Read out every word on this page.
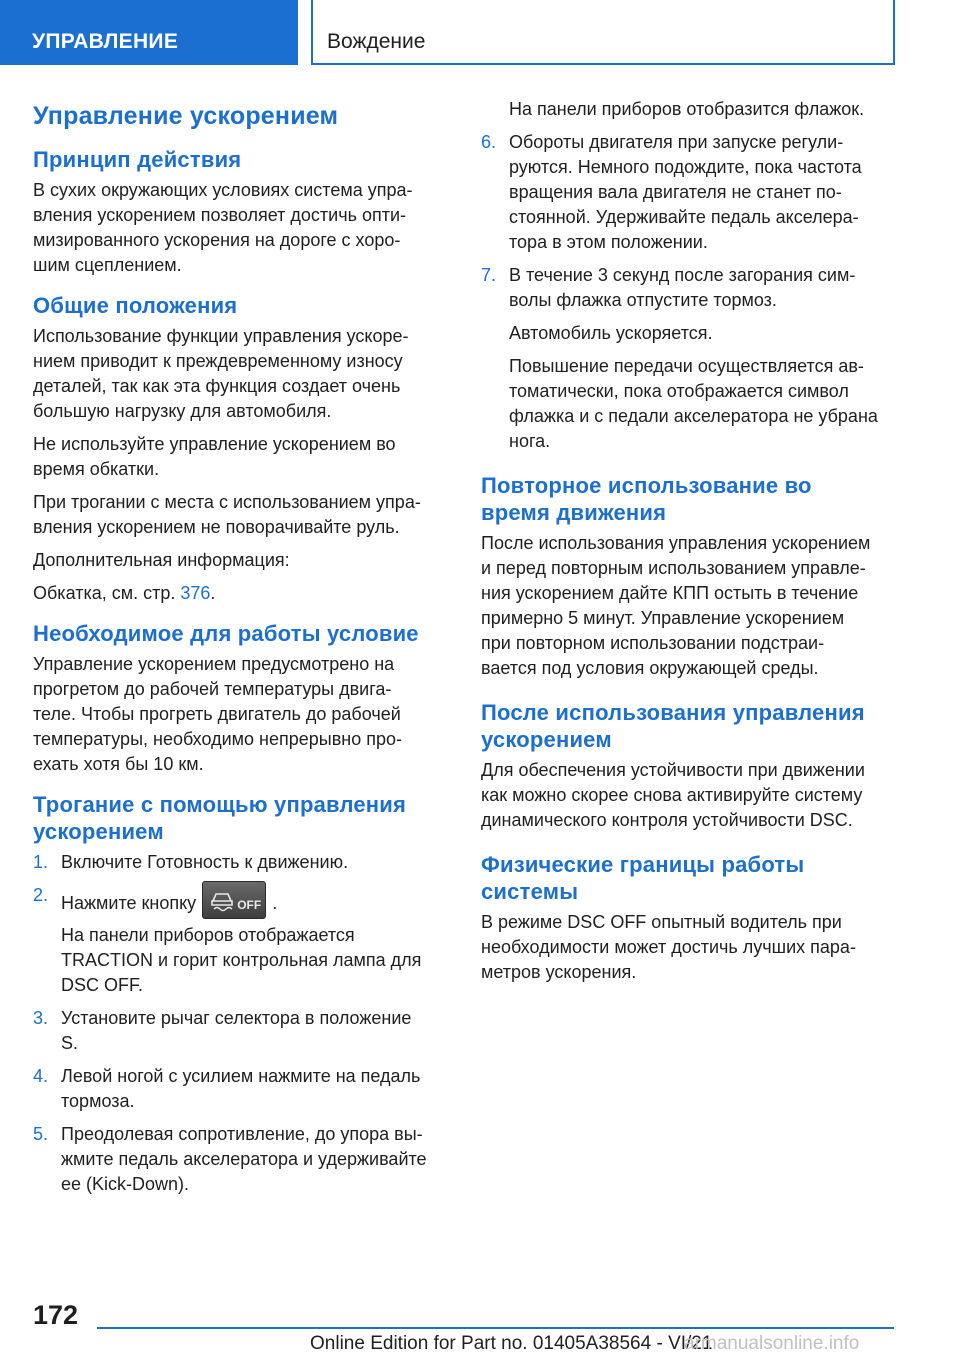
УПРАВЛЕНИЕ	Вождение
Управление ускорением
Принцип действия
В сухих окружающих условиях система упра-
вления ускорением позволяет достичь опти-
мизированного ускорения на дороге с хоро-
шим сцеплением.
Общие положения
Использование функции управления ускоре-
нием приводит к преждевременному износу
деталей, так как эта функция создает очень
большую нагрузку для автомобиля.
Не используйте управление ускорением во
время обкатки.
При трогании с места с использованием упра-
вления ускорением не поворачивайте руль.
Дополнительная информация:
Обкатка, см. стр. 376.
Необходимое для работы условие
Управление ускорением предусмотрено на
прогретом до рабочей температуры двига-
теле. Чтобы прогреть двигатель до рабочей
температуры, необходимо непрерывно про-
ехать хотя бы 10 км.
Трогание с помощью управления
ускорением
1. Включите Готовность к движению.
2. Нажмите кнопку	OFF .
На панели приборов отображается
TRACTION и горит контрольная лампа для
DSC OFF.
3. Установите рычаг селектора в положение
S.
4. Левой ногой с усилием нажмите на педаль
тормоза.
5. Преодолевая сопротивление, до упора вы-
жмите педаль акселератора и удерживайте
ее (Kick-Down).
На панели приборов отобразится флажок.
6. Обороты двигателя при запуске регули-
руются. Немного подождите, пока частота
вращения вала двигателя не станет по-
стоянной. Удерживайте педаль акселера-
тора в этом положении.
7. В течение 3 секунд после загорания сим-
волы флажка отпустите тормоз.
Автомобиль ускоряется.
Повышение передачи осуществляется ав-
томатически, пока отображается символ
флажка и с педали акселератора не убрана
нога.
Повторное использование во
время движения
После использования управления ускорением
и перед повторным использованием управле-
ния ускорением дайте КПП остыть в течение
примерно 5 минут. Управление ускорением
при повторном использовании подстраи-
вается под условия окружающей среды.
После использования управления
ускорением
Для обеспечения устойчивости при движении
как можно скорее снова активируйте систему
динамического контроля устойчивости DSC.
Физические границы работы
системы
В режиме DSC OFF опытный водитель при
необходимости может достичь лучших пара-
метров ускорения.
172
Online Edition for Part no. 01405A38564 - VI/21
armanualsonline.info
